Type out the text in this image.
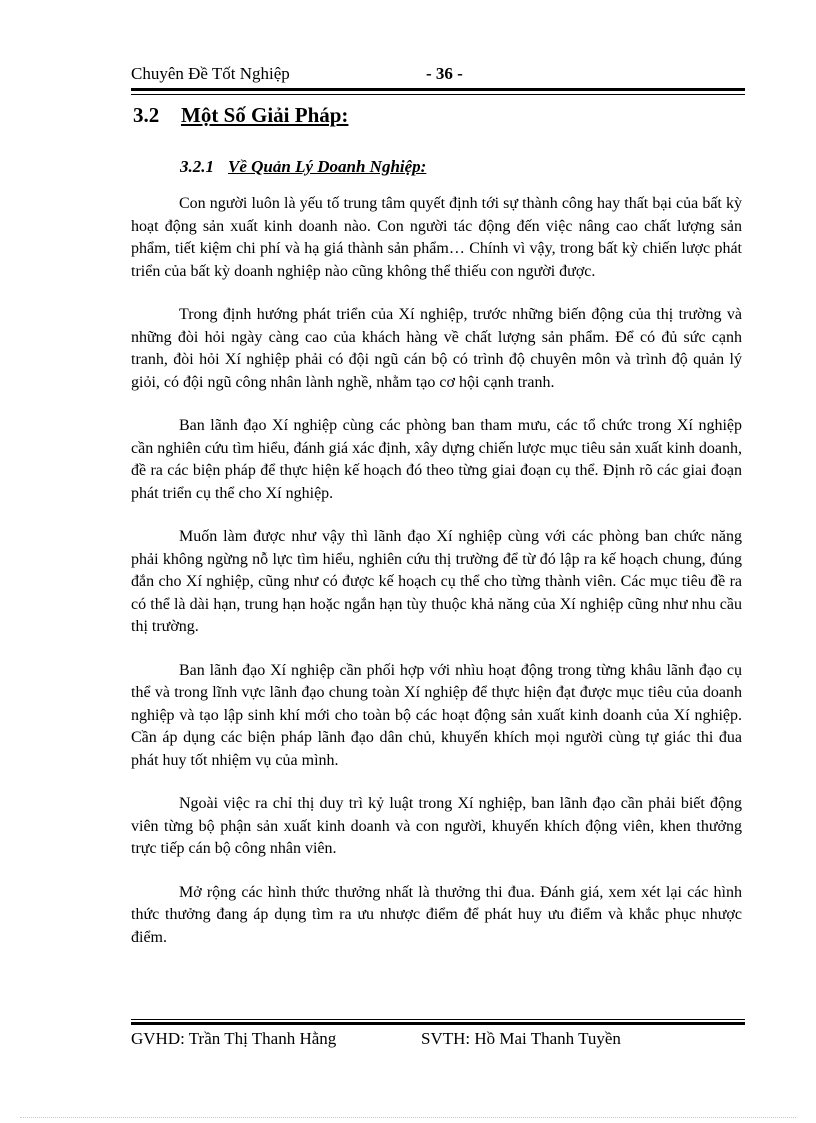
Chuyên Đề Tốt Nghiệp	- 36 -
3.2 Một Số Giải Pháp:
3.2.1 Về Quản Lý Doanh Nghiệp:

Con người luôn là yếu tố trung tâm quyết định tới sự thành công hay thất bại của bất kỳ hoạt động sản xuất kinh doanh nào. Con người tác động đến việc nâng cao chất lượng sản phẩm, tiết kiệm chi phí và hạ giá thành sản phẩm… Chính vì vậy, trong bất kỳ chiến lược phát triển của bất kỳ doanh nghiệp nào cũng không thể thiếu con người được.

Trong định hướng phát triển của Xí nghiệp, trước những biến động của thị trường và những đòi hỏi ngày càng cao của khách hàng về chất lượng sản phẩm. Để có đủ sức cạnh tranh, đòi hỏi Xí nghiệp phải có đội ngũ cán bộ có trình độ chuyên môn và trình độ quản lý giỏi, có đội ngũ công nhân lành nghề, nhằm tạo cơ hội cạnh tranh.

Ban lãnh đạo Xí nghiệp cùng các phòng ban tham mưu, các tổ chức trong Xí nghiệp cần nghiên cứu tìm hiểu, đánh giá xác định, xây dựng chiến lược mục tiêu sản xuất kinh doanh, đề ra các biện pháp để thực hiện kế hoạch đó theo từng giai đoạn cụ thể. Định rõ các giai đoạn phát triển cụ thể cho Xí nghiệp.

Muốn làm được như vậy thì lãnh đạo Xí nghiệp cùng với các phòng ban chức năng phải không ngừng nỗ lực tìm hiểu, nghiên cứu thị trường để từ đó lập ra kế hoạch chung, đúng đắn cho Xí nghiệp, cũng như có được kế hoạch cụ thể cho từng thành viên. Các mục tiêu đề ra có thể là dài hạn, trung hạn hoặc ngắn hạn tùy thuộc khả năng của Xí nghiệp cũng như nhu cầu thị trường.

Ban lãnh đạo Xí nghiệp cần phối hợp với nhìu hoạt động trong từng khâu lãnh đạo cụ thể và trong lĩnh vực lãnh đạo chung toàn Xí nghiệp để thực hiện đạt được mục tiêu của doanh nghiệp và tạo lập sinh khí mới cho toàn bộ các hoạt động sản xuất kinh doanh của Xí nghiệp. Cần áp dụng các biện pháp lãnh đạo dân chủ, khuyến khích mọi người cùng tự giác thi đua phát huy tốt nhiệm vụ của mình.

Ngoài việc ra chỉ thị duy trì kỷ luật trong Xí nghiệp, ban lãnh đạo cần phải biết động viên từng bộ phận sản xuất kinh doanh và con người, khuyến khích động viên, khen thưởng trực tiếp cán bộ công nhân viên.

Mở rộng các hình thức thưởng nhất là thưởng thi đua. Đánh giá, xem xét lại các hình thức thưởng đang áp dụng tìm ra ưu nhược điểm để phát huy ưu điểm và khắc phục nhược điểm.

GVHD: Trần Thị Thanh Hằng	SVTH: Hồ Mai Thanh Tuyền
